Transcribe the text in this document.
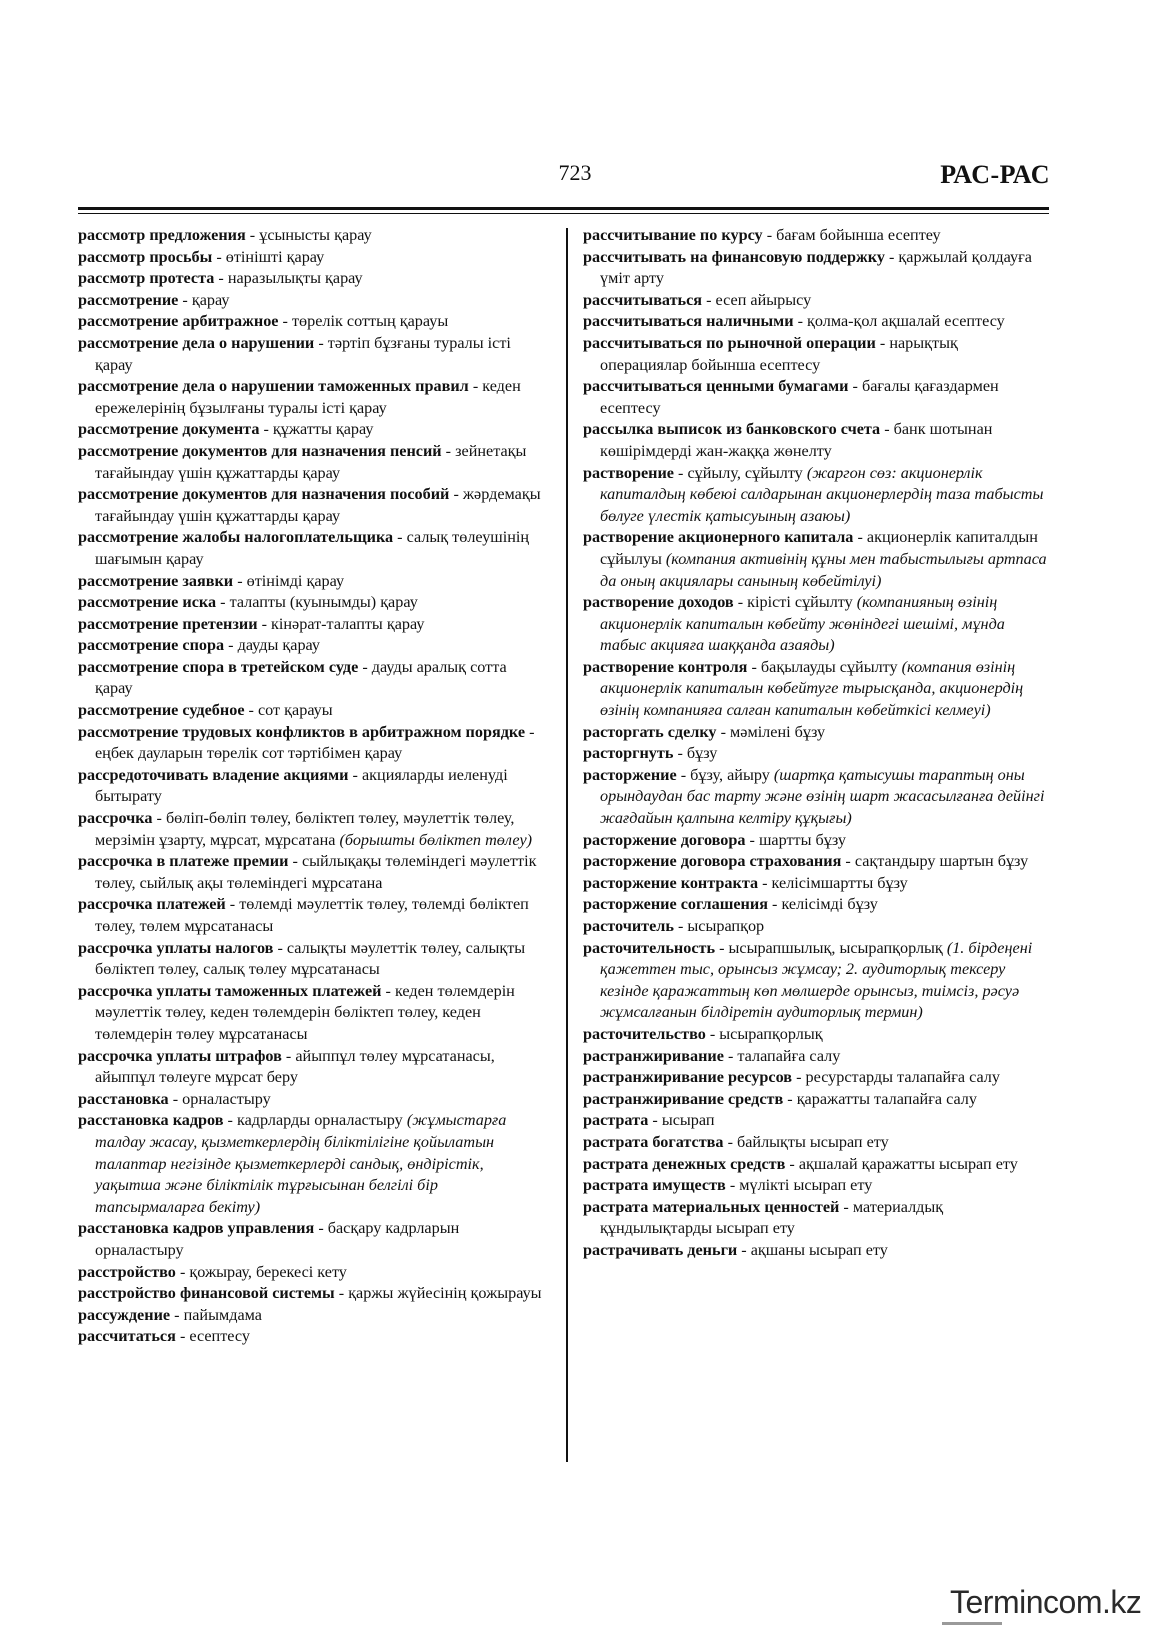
723	РАС-РАС

рассмотр предложения - ұсынысты қарау

рассмотр просьбы - өтінішті қарау

рассмотр протеста - наразылықты қарау

рассмотрение - қарау

рассмотрение арбитражное - төрелік соттың қарауы

рассмотрение дела о нарушении - тәртіп бұзғаны туралы істі қарау

рассмотрение дела о нарушении таможенных правил - кеден ережелерінің бұзылғаны туралы істі қарау

рассмотрение документа - құжатты қарау

рассмотрение документов для назначения пенсий - зейнетақы тағайындау үшін құжаттарды қарау

рассмотрение документов для назначения пособий - жәрдемақы тағайындау үшін құжаттарды қарау

рассмотрение жалобы налогоплательщика - салық төлеушінің шағымын қарау

рассмотрение заявки - өтінімді қарау

рассмотрение иска - талапты (куынымды) қарау

рассмотрение претензии - кінәрат-талапты қарау

рассмотрение спора - дауды қарау

рассмотрение спора в третейском суде - дауды аралық сотта қарау

рассмотрение судебное - сот қарауы

рассмотрение трудовых конфликтов в арбитражном порядке - еңбек дауларын төрелік сот тәртібімен қарау

рассредоточивать владение акциями - акцияларды иеленуді бытырату

рассрочка - бөліп-бөліп төлеу, бөліктеп төлеу, мәулеттік төлеу, мерзімін ұзарту, мұрсат, мұрсатана (борышты бөліктеп төлеу)

рассрочка в платеже премии - сыйлықақы төлеміндегі мәулеттік төлеу, сыйлық ақы төлеміндегі мұрсатана

рассрочка платежей - төлемді мәулеттік төлеу, төлемді бөліктеп төлеу, төлем мұрсатанасы

рассрочка уплаты налогов - салықты мәулеттік төлеу, салықты бөліктеп төлеу, салық төлеу мұрсатанасы

рассрочка уплаты таможенных платежей - кеден төлемдерін мәулеттік төлеу, кеден төлемдерін бөліктеп төлеу, кеден төлемдерін төлеу мұрсатанасы

рассрочка уплаты штрафов - айыппұл төлеу мұрсатанасы, айыппұл төлеуге мұрсат беру

расстановка - орналастыру

расстановка кадров - кадрларды орналастыру (жұмыстарға талдау жасау, қызметкерлердің біліктілігіне қойылатын талаптар негізінде қызметкерлерді сандық, өндірістік, уақытша және біліктілік тұрғысынан белгілі бір тапсырмаларға бекіту)

расстановка кадров управления - басқару кадрларын орналастыру

расстройство - қожырау, берекесі кету

расстройство финансовой системы - қаржы жүйесінің қожырауы

рассуждение - пайымдама

рассчитаться - есептесу

рассчитывание по курсу - бағам бойынша есептеу

рассчитывать на финансовую поддержку - қаржылай қолдауға үміт арту

рассчитываться - есеп айырысу

рассчитываться наличными - қолма-қол ақшалай есептесу

рассчитываться по рыночной операции - нарықтық операциялар бойынша есептесу

рассчитываться ценными бумагами - бағалы қағаздармен есептесу

рассылка выписок из банковского счета - банк шотынан көшірімдерді жан-жаққа жөнелту

растворение - сұйылу, сұйылту (жаргон сөз: акционерлік капиталдың көбеюі салдарынан акционерлердің таза табысты бөлуге үлестік қатысуының азаюы)

растворение акционерного капитала - акционерлік капиталдын сұйылуы (компания активінің құны мен табыстылығы артпаса да оның акциялары санының көбейтілуі)

растворение доходов - кірісті сұйылту (компанияның өзінің акционерлік капиталын көбейту жөніндегі шешімі, мұнда табыс акцияға шаққанда азаяды)

растворение контроля - бақылауды сұйылту (компания өзінің акционерлік капиталын көбейтуге тырысқанда, акционердің өзінің компанияға салған капиталын көбейткісі келмеуі)

расторгать сделку - мәмілені бұзу

расторгнуть - бұзу

расторжение - бұзу, айыру (шартқа қатысушы тараптың оны орындаудан бас тарту және өзінің шарт жасасылғанға дейінгі жағдайын қалпына келтіру құқығы)

расторжение договора - шартты бұзу

расторжение договора страхования - сақтандыру шартын бұзу

расторжение контракта - келісімшартты бұзу

расторжение соглашения - келісімді бұзу

расточитель - ысырапқор

расточительность - ысырапшылық, ысырапқорлық (1. бірдеңені қажеттен тыс, орынсыз жұмсау; 2. аудиторлық тексеру кезінде қаражаттың көп мөлшерде орынсыз, тиімсіз, рәсуә жұмсалғанын білдіретін аудиторлық термин)

расточительство - ысырапқорлық

растранжиривание - талапайға салу

растранжиривание ресурсов - ресурстарды талапайға салу

растранжиривание средств - қаражатты талапайға салу

растрата - ысырап

растрата богатства - байлықты ысырап ету

растрата денежных средств - ақшалай қаражатты ысырап ету

растрата имуществ - мүлікті ысырап ету

растрата материальных ценностей - материалдық құндылықтарды ысырап ету

растрачивать деньги - ақшаны ысырап ету

Termincom.kz
